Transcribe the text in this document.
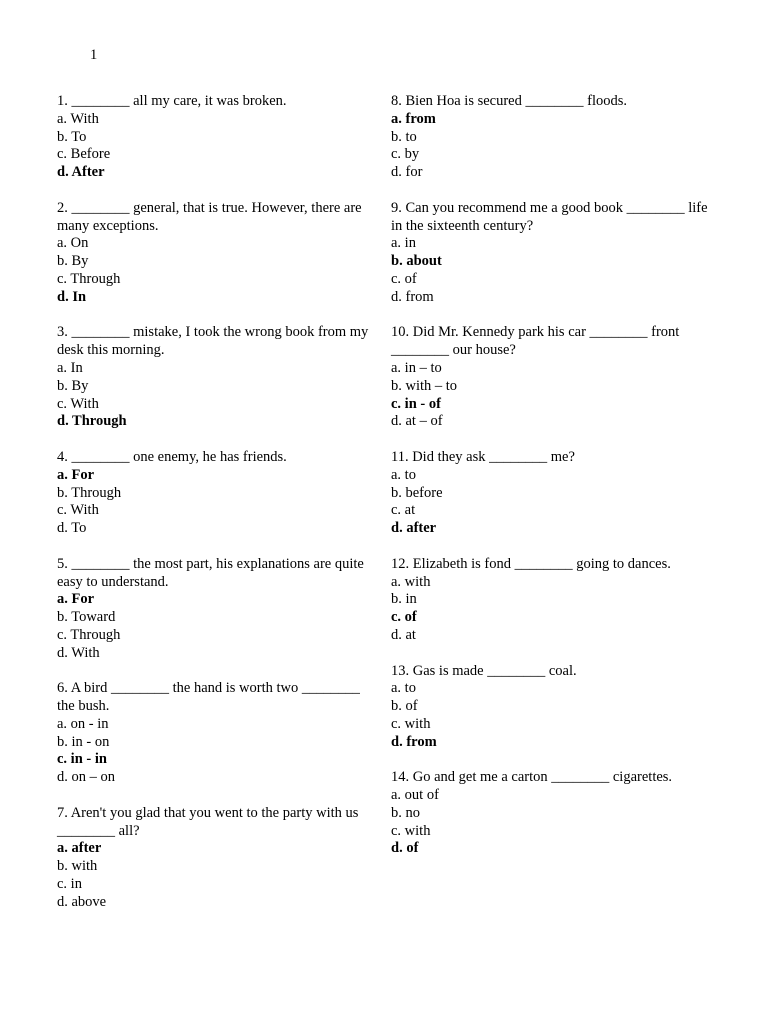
1
1. ________ all my care, it was broken.
a. With
b. To
c. Before
d. After
2. ________ general, that is true. However, there are many exceptions.
a. On
b. By
c. Through
d. In
3. ________ mistake, I took the wrong book from my desk this morning.
a. In
b. By
c. With
d. Through
4. ________ one enemy, he has friends.
a. For
b. Through
c. With
d. To
5. ________ the most part, his explanations are quite easy to understand.
a. For
b. Toward
c. Through
d. With
6. A bird ________ the hand is worth two ________ the bush.
a. on - in
b. in - on
c. in - in
d. on – on
7. Aren't you glad that you went to the party with us ________ all?
a. after
b. with
c. in
d. above
8. Bien Hoa is secured ________ floods.
a. from
b. to
c. by
d. for
9. Can you recommend me a good book ________ life in the sixteenth century?
a. in
b. about
c. of
d. from
10. Did Mr. Kennedy park his car ________ front ________ our house?
a. in – to
b. with – to
c. in - of
d. at – of
11. Did they ask ________ me?
a. to
b. before
c. at
d. after
12. Elizabeth is fond ________ going to dances.
a. with
b. in
c. of
d. at
13. Gas is made ________ coal.
a. to
b. of
c. with
d. from
14. Go and get me a carton ________ cigarettes.
a. out of
b. no
c. with
d. of
